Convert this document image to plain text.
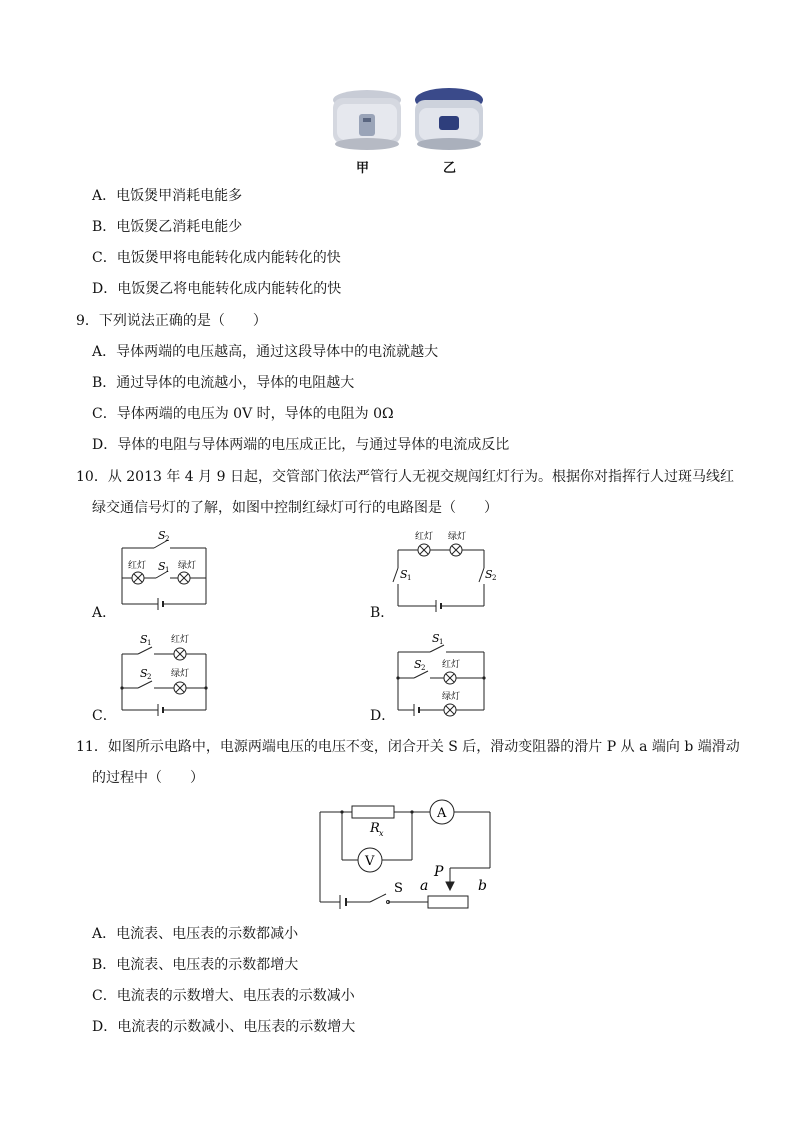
甲	乙
A．电饭煲甲消耗电能多
B．电饭煲乙消耗电能少
C．电饭煲甲将电能转化成内能转化的快
D．电饭煲乙将电能转化成内能转化的快
9．下列说法正确的是（　　）
A．导体两端的电压越高，通过这段导体中的电流就越大
B．通过导体的电流越小，导体的电阻越大
C．导体两端的电压为 0V 时，导体的电阻为 0Ω
D．导体的电阻与导体两端的电压成正比，与通过导体的电流成反比
10．从 2013 年 4 月 9 日起，交管部门依法严管行人无视交规闯红灯行为。根据你对指挥行人过斑马线红
绿交通信号灯的了解，如图中控制红绿灯可行的电路图是（　　）
A．
S 2
红灯 S 1 绿灯
B．
红灯 绿灯
S 1	S 2
C．
S 1 红灯
S 2 绿灯
D．
S 1
S 2 红灯
绿灯
11．如图所示电路中，电源两端电压的电压不变，闭合开关 S 后，滑动变阻器的滑片 P 从 a 端向 b 端滑动
的过程中（　　）
A
V
R x
P
a	b
S
A．电流表、电压表的示数都减小
B．电流表、电压表的示数都增大
C．电流表的示数增大、电压表的示数减小
D．电流表的示数减小、电压表的示数增大
